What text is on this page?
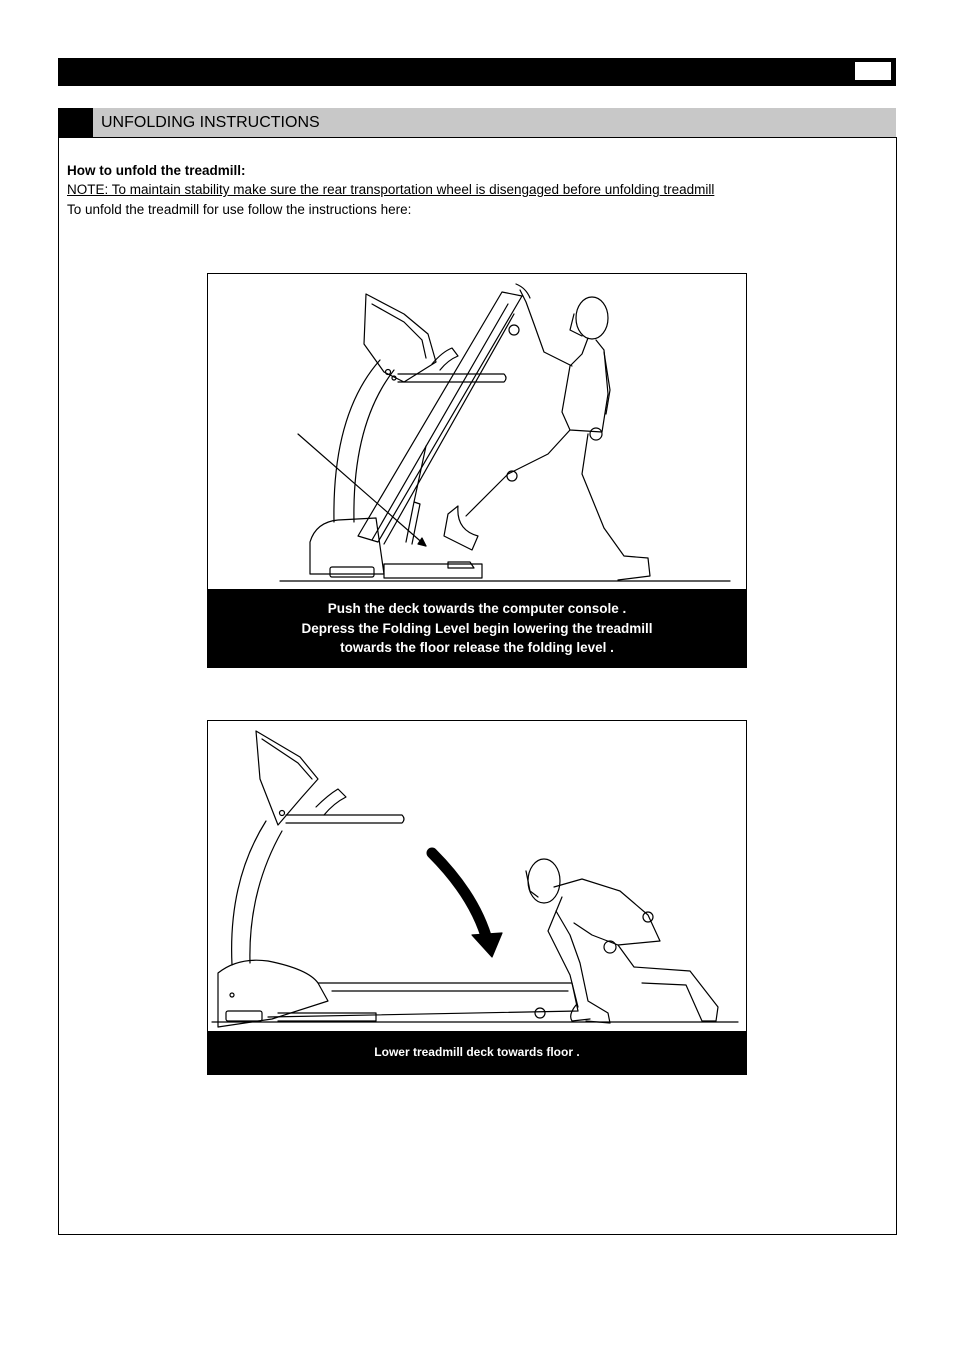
UNFOLDING INSTRUCTIONS
How to unfold the treadmill:
NOTE: To maintain stability make sure the rear transportation wheel is disengaged before unfolding treadmill
To unfold the treadmill for use follow the instructions here:
Push the deck towards the computer console .
Depress the Folding Level begin lowering the treadmill
towards the floor release the folding level .
Lower treadmill deck towards floor .
